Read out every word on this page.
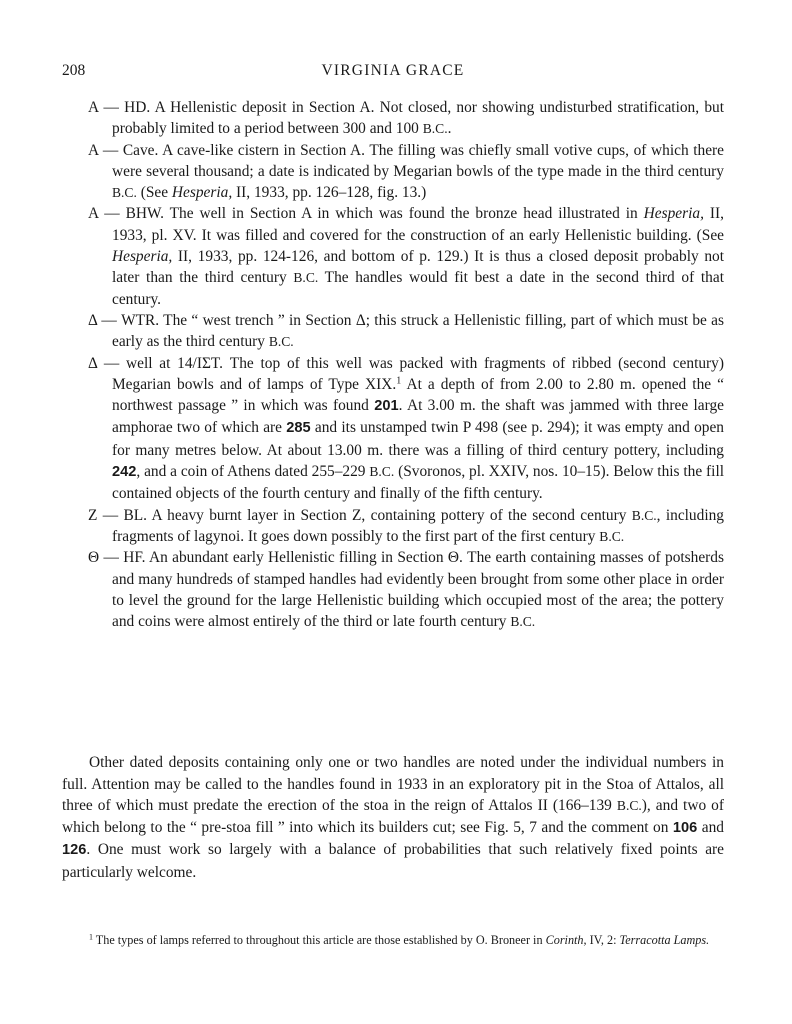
208	VIRGINIA GRACE
A — HD. A Hellenistic deposit in Section A. Not closed, nor showing undisturbed stratification, but probably limited to a period between 300 and 100 B.C..
A — Cave. A cave-like cistern in Section A. The filling was chiefly small votive cups, of which there were several thousand; a date is indicated by Megarian bowls of the type made in the third century B.C. (See Hesperia, II, 1933, pp. 126–128, fig. 13.)
A — BHW. The well in Section A in which was found the bronze head illustrated in Hesperia, II, 1933, pl. XV. It was filled and covered for the construction of an early Hellenistic building. (See Hesperia, II, 1933, pp. 124-126, and bottom of p. 129.) It is thus a closed deposit probably not later than the third century B.C. The handles would fit best a date in the second third of that century.
Δ — WTR. The “ west trench ” in Section Δ; this struck a Hellenistic filling, part of which must be as early as the third century B.C.
Δ — well at 14/ΙΣΤ. The top of this well was packed with fragments of ribbed (second century) Megarian bowls and of lamps of Type XIX.$^1$ At a depth of from 2.00 to 2.80 m. opened the “ northwest passage ” in which was found 201. At 3.00 m. the shaft was jammed with three large amphorae two of which are 285 and its unstamped twin P 498 (see p. 294); it was empty and open for many metres below. At about 13.00 m. there was a filling of third century pottery, including 242, and a coin of Athens dated 255–229 B.C. (Svoronos, pl. XXIV, nos. 10–15). Below this the fill contained objects of the fourth century and finally of the fifth century.
Z — BL. A heavy burnt layer in Section Z, containing pottery of the second century B.C., including fragments of lagynoi. It goes down possibly to the first part of the first century B.C.
Θ — HF. An abundant early Hellenistic filling in Section Θ. The earth containing masses of potsherds and many hundreds of stamped handles had evidently been brought from some other place in order to level the ground for the large Hellenistic building which occupied most of the area; the pottery and coins were almost entirely of the third or late fourth century B.C.

Other dated deposits containing only one or two handles are noted under the individual numbers in full. Attention may be called to the handles found in 1933 in an exploratory pit in the Stoa of Attalos, all three of which must predate the erection of the stoa in the reign of Attalos II (166–139 B.C.), and two of which belong to the “ pre-stoa fill ” into which its builders cut; see Fig. 5, 7 and the comment on 106 and 126. One must work so largely with a balance of probabilities that such relatively fixed points are particularly welcome.

$^1$ The types of lamps referred to throughout this article are those established by O. Broneer in Corinth, IV, 2: Terracotta Lamps.
